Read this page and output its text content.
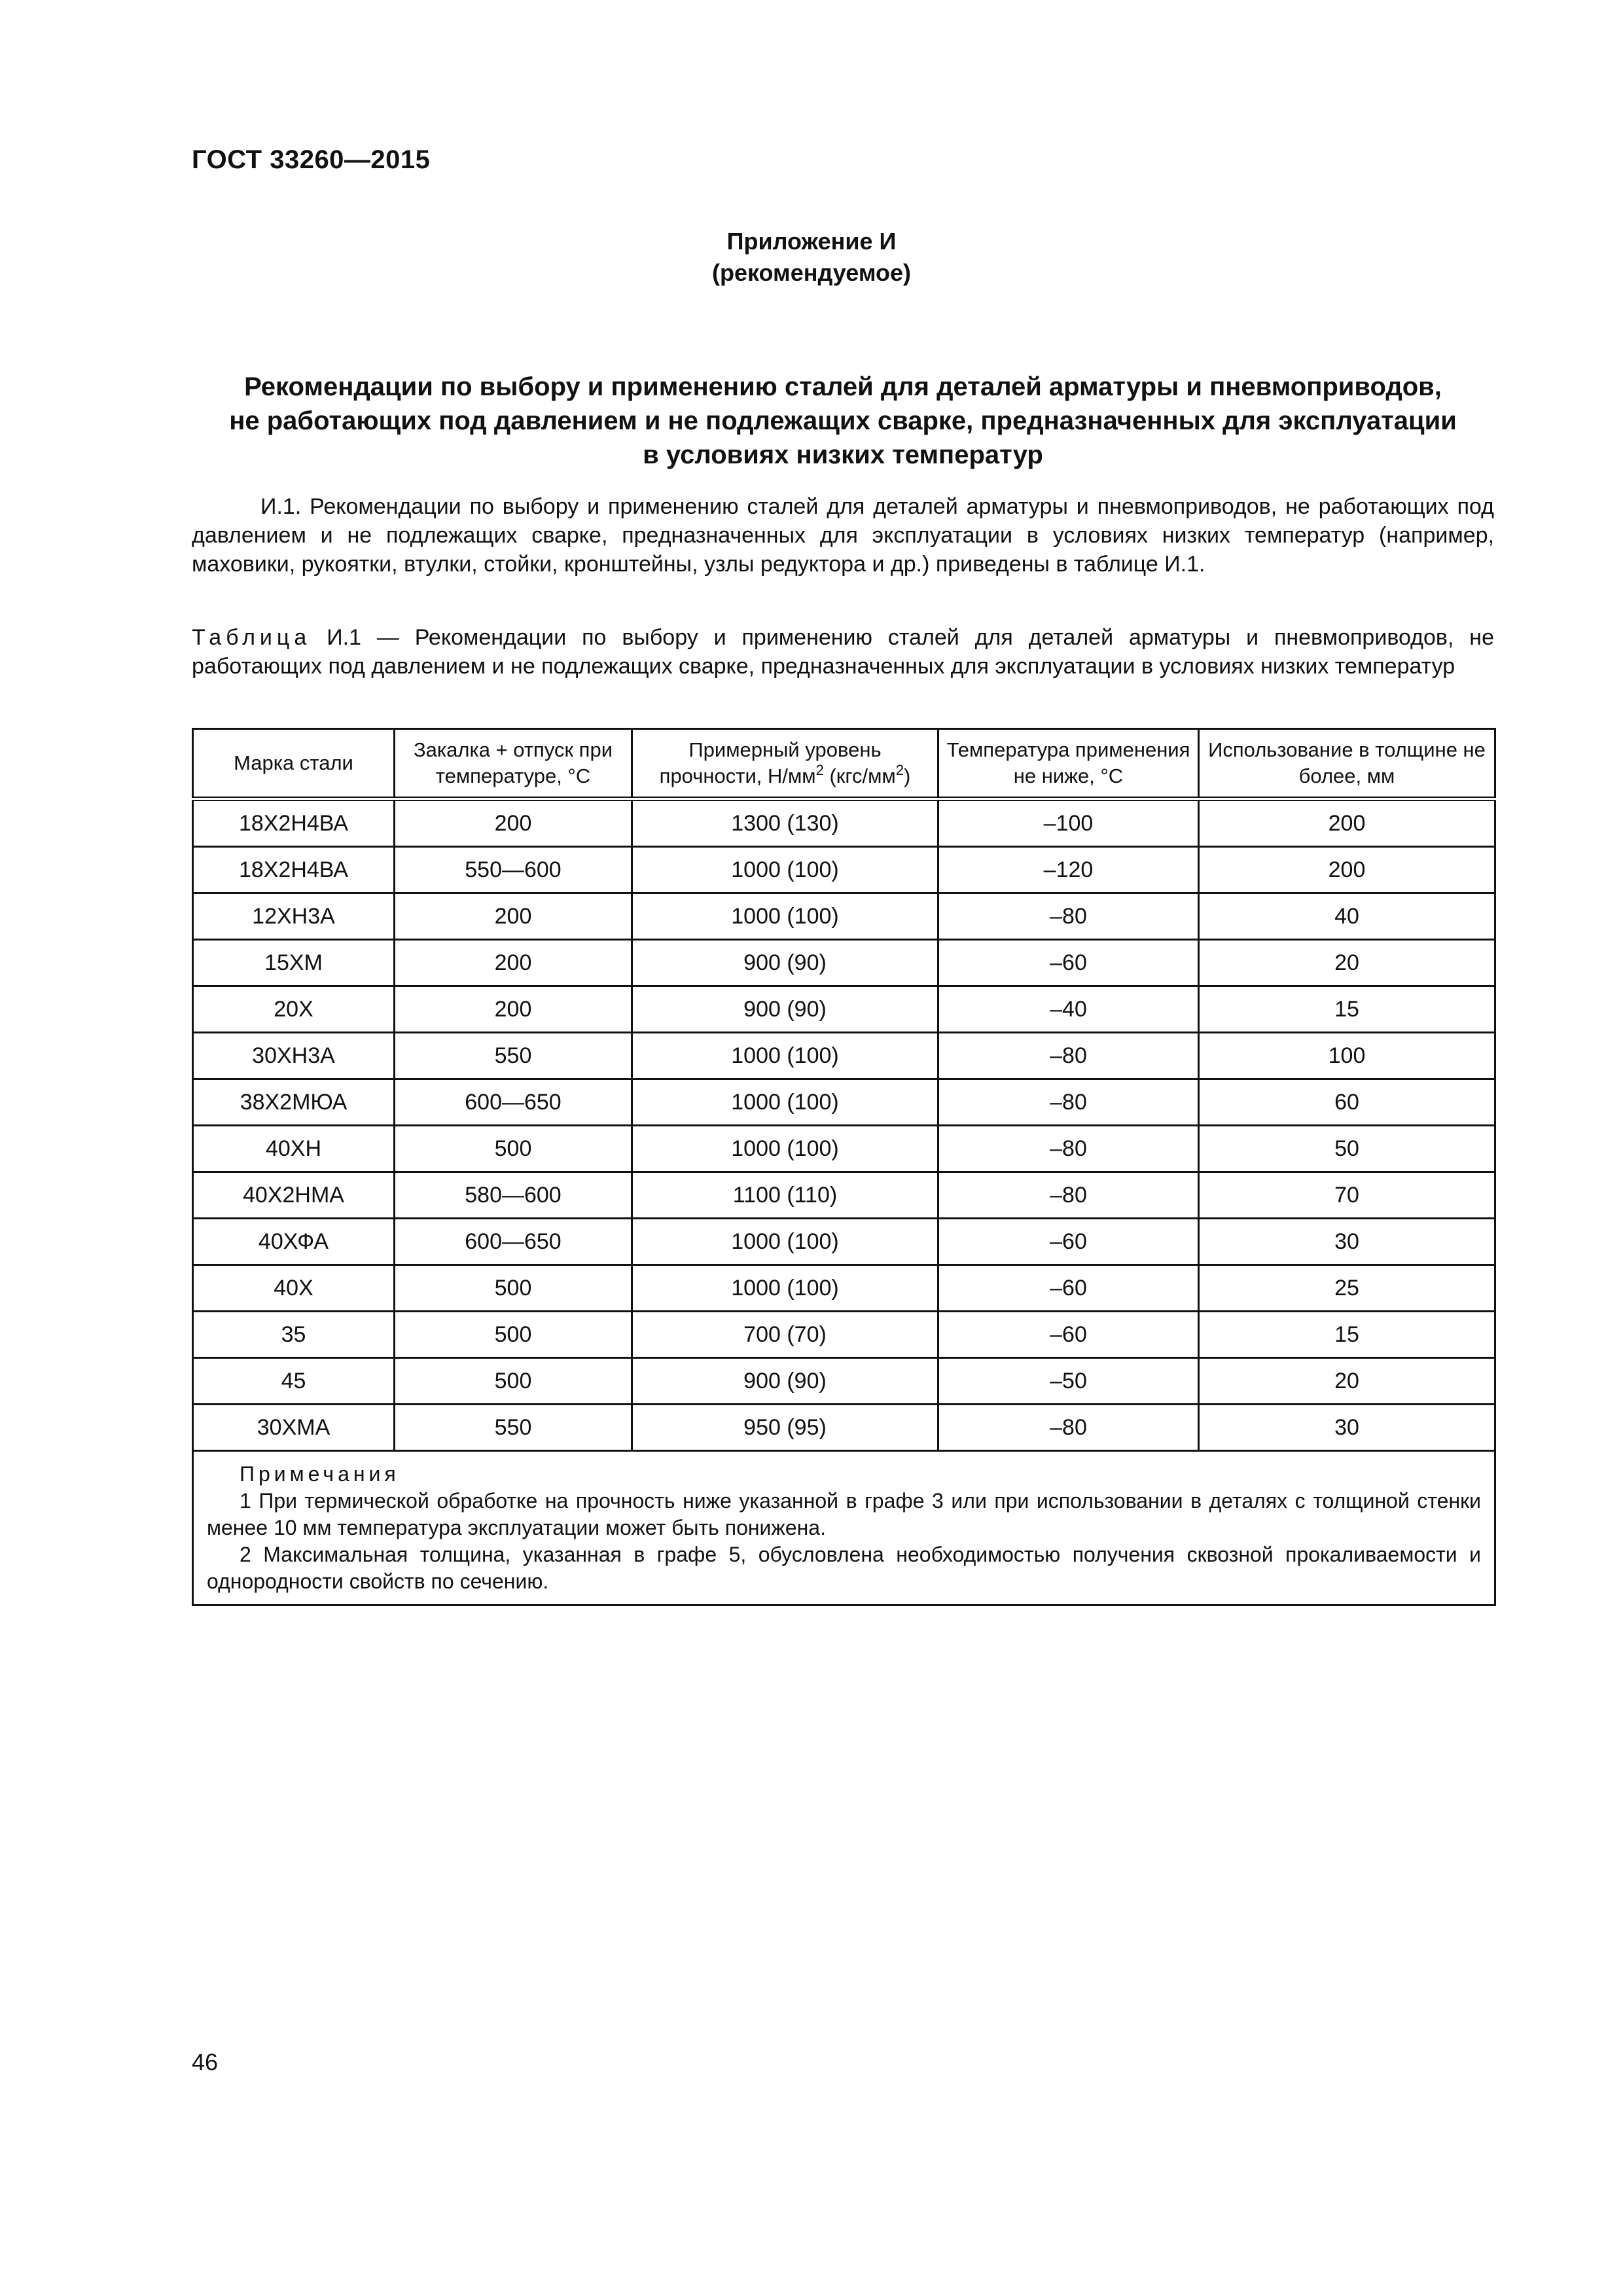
ГОСТ 33260—2015
Приложение И
(рекомендуемое)
Рекомендации по выбору и применению сталей для деталей арматуры и пневмоприводов,
не работающих под давлением и не подлежащих сварке, предназначенных для эксплуатации
в условиях низких температур
И.1. Рекомендации по выбору и применению сталей для деталей арматуры и пневмоприводов, не работающих под давлением и не подлежащих сварке, предназначенных для эксплуатации в условиях низких температур (например, маховики, рукоятки, втулки, стойки, кронштейны, узлы редуктора и др.) приведены в таблице И.1.
Таблица И.1 — Рекомендации по выбору и применению сталей для деталей арматуры и пневмоприводов, не работающих под давлением и не подлежащих сварке, предназначенных для эксплуатации в условиях низких температур
Марка стали	Закалка + отпуск при температуре, °С	Примерный уровень прочности, $Н/мм^2$ $(кгс/мм^2)$	Температура применения не ниже, °С	Использование в толщине не более, мм
18Х2Н4ВА	200	1300 (130)	–100	200
18Х2Н4ВА	550—600	1000 (100)	–120	200
12ХН3А	200	1000 (100)	–80	40
15ХМ	200	900 (90)	–60	20
20Х	200	900 (90)	–40	15
30ХН3А	550	1000 (100)	–80	100
38Х2МЮА	600—650	1000 (100)	–80	60
40ХН	500	1000 (100)	–80	50
40Х2НМА	580—600	1100 (110)	–80	70
40ХФА	600—650	1000 (100)	–60	30
40Х	500	1000 (100)	–60	25
35	500	700 (70)	–60	15
45	500	900 (90)	–50	20
30ХМА	550	950 (95)	–80	30

Примечания
1 При термической обработке на прочность ниже указанной в графе 3 или при использовании в деталях с толщиной стенки менее 10 мм температура эксплуатации может быть понижена.
2 Максимальная толщина, указанная в графе 5, обусловлена необходимостью получения сквозной прокаливаемости и однородности свойств по сечению.				
46
